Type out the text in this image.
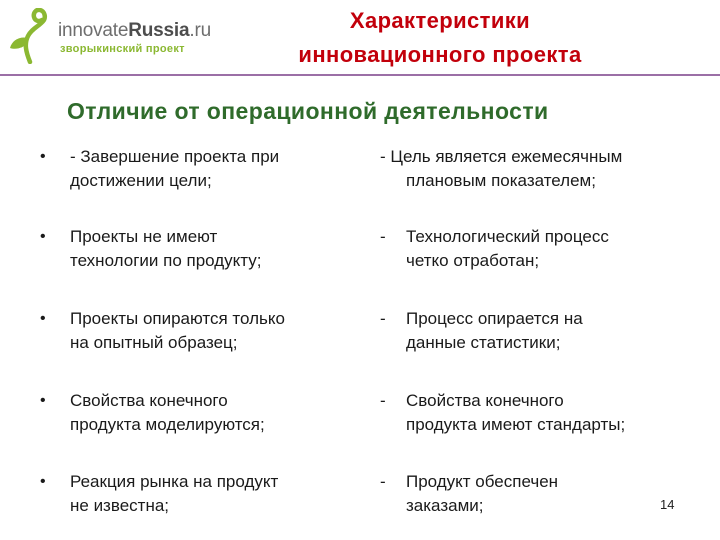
innovateRussia.ru
зворыкинский проект
Характеристики
инновационного проекта
Отличие от операционной деятельности
• - Завершение проекта при
достижении цели;
- Цель является ежемесячным
плановым показателем;
• Проекты не имеют
технологии по продукту;
- Технологический процесс
четко отработан;
• Проекты опираются только
на опытный образец;
- Процесс опирается на
данные статистики;
• Свойства конечного
продукта моделируются;
- Свойства конечного
продукта имеют стандарты;
• Реакция рынка на продукт
не известна;
- Продукт обеспечен
заказами;	14
